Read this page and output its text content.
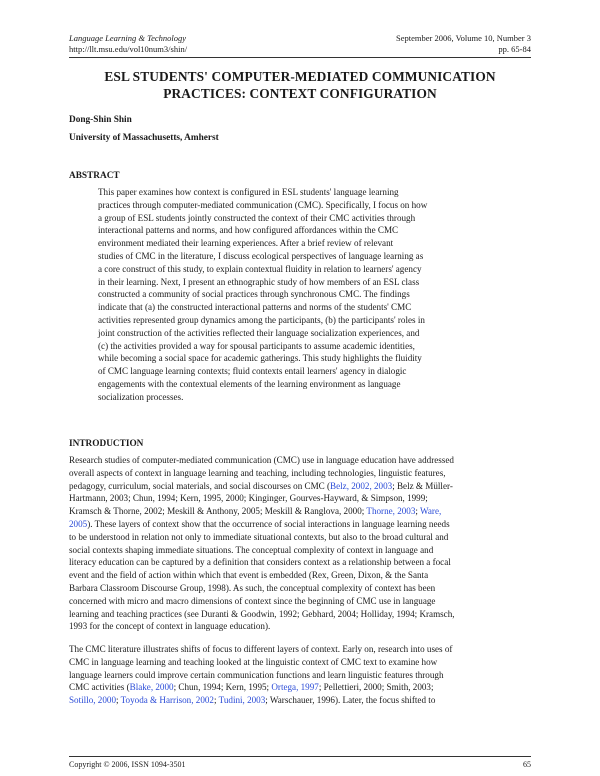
Language Learning & Technology	September 2006, Volume 10, Number 3
http://llt.msu.edu/vol10num3/shin/	pp. 65-84
ESL STUDENTS' COMPUTER-MEDIATED COMMUNICATION
PRACTICES: CONTEXT CONFIGURATION
Dong-Shin Shin
University of Massachusetts, Amherst
ABSTRACT
This paper examines how context is configured in ESL students' language learning
practices through computer-mediated communication (CMC). Specifically, I focus on how
a group of ESL students jointly constructed the context of their CMC activities through
interactional patterns and norms, and how configured affordances within the CMC
environment mediated their learning experiences. After a brief review of relevant
studies of CMC in the literature, I discuss ecological perspectives of language learning as
a core construct of this study, to explain contextual fluidity in relation to learners' agency
in their learning. Next, I present an ethnographic study of how members of an ESL class
constructed a community of social practices through synchronous CMC. The findings
indicate that (a) the constructed interactional patterns and norms of the students' CMC
activities represented group dynamics among the participants, (b) the participants' roles in
joint construction of the activities reflected their language socialization experiences, and
(c) the activities provided a way for spousal participants to assume academic identities,
while becoming a social space for academic gatherings. This study highlights the fluidity
of CMC language learning contexts; fluid contexts entail learners' agency in dialogic
engagements with the contextual elements of the learning environment as language
socialization processes.
INTRODUCTION
Research studies of computer-mediated communication (CMC) use in language education have addressed
overall aspects of context in language learning and teaching, including technologies, linguistic features,
pedagogy, curriculum, social materials, and social discourses on CMC (Belz, 2002, 2003; Belz & Müller-
Hartmann, 2003; Chun, 1994; Kern, 1995, 2000; Kinginger, Gourves-Hayward, & Simpson, 1999;
Kramsch & Thorne, 2002; Meskill & Anthony, 2005; Meskill & Ranglova, 2000; Thorne, 2003; Ware,
2005). These layers of context show that the occurrence of social interactions in language learning needs
to be understood in relation not only to immediate situational contexts, but also to the broad cultural and
social contexts shaping immediate situations. The conceptual complexity of context in language and
literacy education can be captured by a definition that considers context as a relationship between a focal
event and the field of action within which that event is embedded (Rex, Green, Dixon, & the Santa
Barbara Classroom Discourse Group, 1998). As such, the conceptual complexity of context has been
concerned with micro and macro dimensions of context since the beginning of CMC use in language
learning and teaching practices (see Duranti & Goodwin, 1992; Gebhard, 2004; Holliday, 1994; Kramsch,
1993 for the concept of context in language education).
The CMC literature illustrates shifts of focus to different layers of context. Early on, research into uses of
CMC in language learning and teaching looked at the linguistic context of CMC text to examine how
language learners could improve certain communication functions and learn linguistic features through
CMC activities (Blake, 2000; Chun, 1994; Kern, 1995; Ortega, 1997; Pellettieri, 2000; Smith, 2003;
Sotillo, 2000; Toyoda & Harrison, 2002; Tudini, 2003; Warschauer, 1996). Later, the focus shifted to
Copyright © 2006, ISSN 1094-3501	65
